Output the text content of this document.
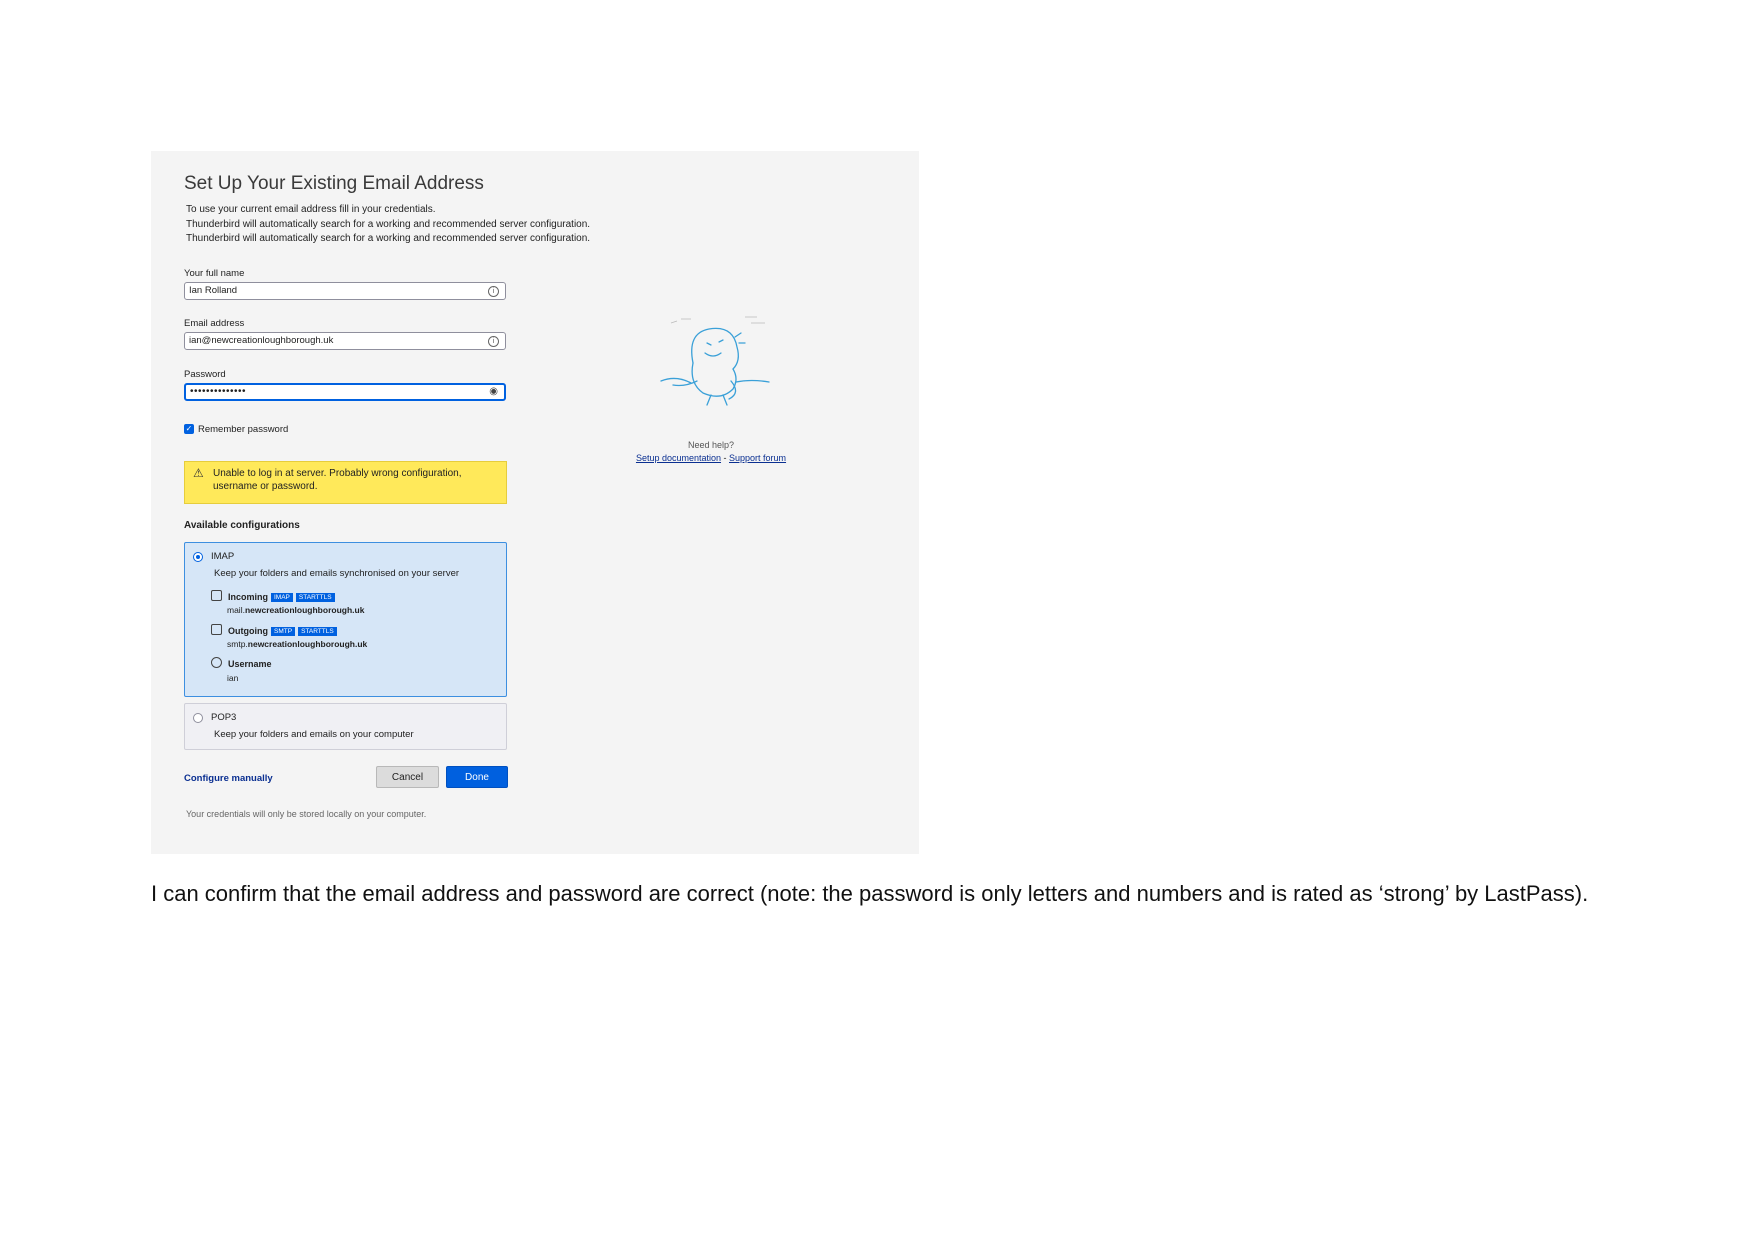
Set Up Your Existing Email Address
To use your current email address fill in your credentials.
Thunderbird will automatically search for a working and recommended server configuration.
Thunderbird will automatically search for a working and recommended server configuration.
Your full name
Ian Rolland	i
Email address
ian@newcreationloughborough.uk	i
Password
••••••••••••••	◉
✓ Remember password
⚠ Unable to log in at server. Probably wrong configuration, username or password.
Available configurations
IMAP
Keep your folders and emails synchronised on your server
Incoming IMAP STARTTLS
mail.newcreationloughborough.uk
Outgoing SMTP STARTTLS
smtp.newcreationloughborough.uk
Username
ian
POP3
Keep your folders and emails on your computer
Configure manually	Cancel	Done
Your credentials will only be stored locally on your computer.
Need help?
Setup documentation - Support forum
I can confirm that the email address and password are correct (note: the password is only letters and numbers and is rated as ‘strong’ by LastPass).
